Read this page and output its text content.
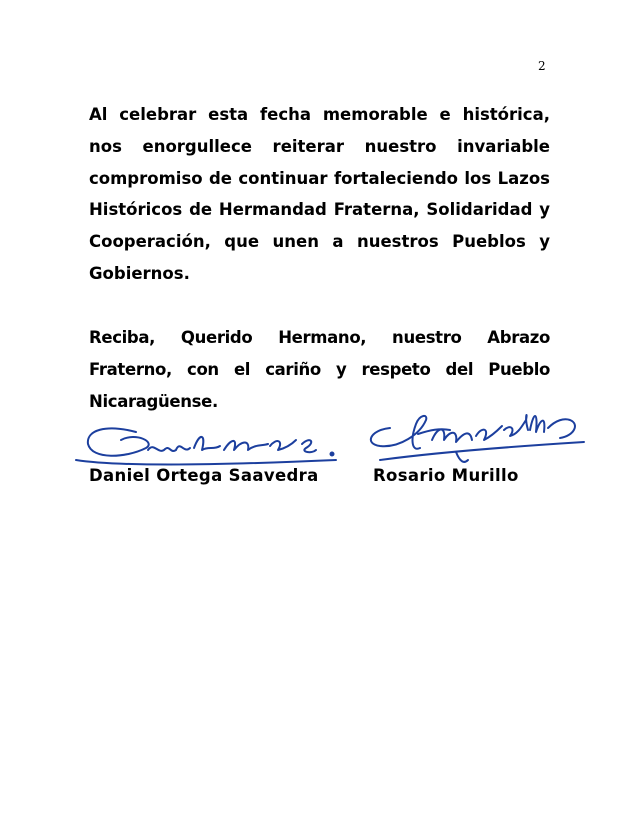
2

Al celebrar esta fecha memorable e histórica, nos enorgullece reiterar nuestro invariable compromiso de continuar fortaleciendo los Lazos Históricos de Hermandad Fraterna, Solidaridad y Cooperación, que unen a nuestros Pueblos y Gobiernos.

Reciba, Querido Hermano, nuestro Abrazo Fraterno, con el cariño y respeto del Pueblo Nicaragüense.

Daniel Ortega Saavedra	Rosario Murillo
